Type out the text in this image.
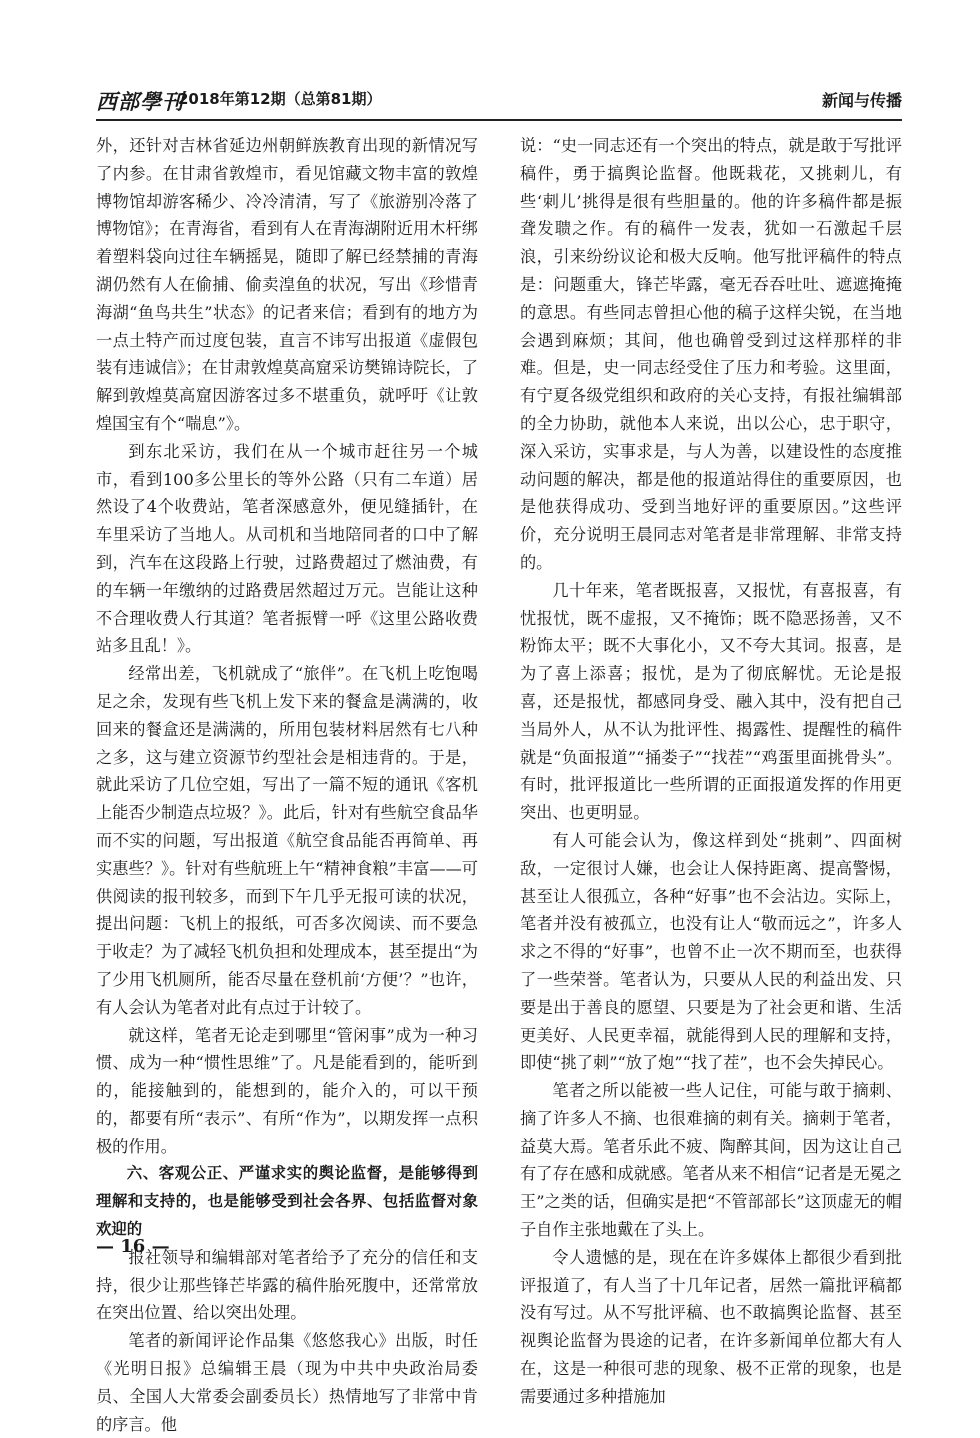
西部學刊
2018年第12期（总第81期）	新闻与传播

外，还针对吉林省延边州朝鲜族教育出现的新情况写了内参。在甘肃省敦煌市，看见馆藏文物丰富的敦煌博物馆却游客稀少、冷冷清清，写了《旅游别冷落了博物馆》；在青海省，看到有人在青海湖附近用木杆绑着塑料袋向过往车辆摇晃，随即了解已经禁捕的青海湖仍然有人在偷捕、偷卖湟鱼的状况，写出《珍惜青海湖“鱼鸟共生”状态》的记者来信；看到有的地方为一点土特产而过度包装，直言不讳写出报道《虚假包装有违诚信》；在甘肃敦煌莫高窟采访樊锦诗院长，了解到敦煌莫高窟因游客过多不堪重负，就呼吁《让敦煌国宝有个“喘息”》。

到东北采访，我们在从一个城市赶往另一个城市，看到100多公里长的等外公路（只有二车道）居然设了4个收费站，笔者深感意外，便见缝插针，在车里采访了当地人。从司机和当地陪同者的口中了解到，汽车在这段路上行驶，过路费超过了燃油费，有的车辆一年缴纳的过路费居然超过万元。岂能让这种不合理收费人行其道？笔者振臂一呼《这里公路收费站多且乱！》。

经常出差，飞机就成了“旅伴”。在飞机上吃饱喝足之余，发现有些飞机上发下来的餐盒是满满的，收回来的餐盒还是满满的，所用包装材料居然有七八种之多，这与建立资源节约型社会是相违背的。于是，就此采访了几位空姐，写出了一篇不短的通讯《客机上能否少制造点垃圾？》。此后，针对有些航空食品华而不实的问题，写出报道《航空食品能否再简单、再实惠些？》。针对有些航班上午“精神食粮”丰富——可供阅读的报刊较多，而到下午几乎无报可读的状况，提出问题：飞机上的报纸，可否多次阅读、而不要急于收走？为了减轻飞机负担和处理成本，甚至提出“为了少用飞机厕所，能否尽量在登机前‘方便’？”也许，有人会认为笔者对此有点过于计较了。

就这样，笔者无论走到哪里“管闲事”成为一种习惯、成为一种“惯性思维”了。凡是能看到的，能听到的，能接触到的，能想到的，能介入的，可以干预的，都要有所“表示”、有所“作为”，以期发挥一点积极的作用。

六、客观公正、严谨求实的舆论监督，是能够得到理解和支持的，也是能够受到社会各界、包括监督对象欢迎的

报社领导和编辑部对笔者给予了充分的信任和支持，很少让那些锋芒毕露的稿件胎死腹中，还常常放在突出位置、给以突出处理。

笔者的新闻评论作品集《悠悠我心》出版，时任《光明日报》总编辑王晨（现为中共中央政治局委员、全国人大常委会副委员长）热情地写了非常中肯的序言。他

说：“史一同志还有一个突出的特点，就是敢于写批评稿件，勇于搞舆论监督。他既栽花，又挑刺儿，有些‘刺儿’挑得是很有些胆量的。他的许多稿件都是振聋发聩之作。有的稿件一发表，犹如一石激起千层浪，引来纷纷议论和极大反响。他写批评稿件的特点是：问题重大，锋芒毕露，毫无吞吞吐吐、遮遮掩掩的意思。有些同志曾担心他的稿子这样尖锐，在当地会遇到麻烦；其间，他也确曾受到过这样那样的非难。但是，史一同志经受住了压力和考验。这里面，有宁夏各级党组织和政府的关心支持，有报社编辑部的全力协助，就他本人来说，出以公心，忠于职守，深入采访，实事求是，与人为善，以建设性的态度推动问题的解决，都是他的报道站得住的重要原因，也是他获得成功、受到当地好评的重要原因。”这些评价，充分说明王晨同志对笔者是非常理解、非常支持的。

几十年来，笔者既报喜，又报忧，有喜报喜，有忧报忧，既不虚报，又不掩饰；既不隐恶扬善，又不粉饰太平；既不大事化小，又不夸大其词。报喜，是为了喜上添喜；报忧，是为了彻底解忧。无论是报喜，还是报忧，都感同身受、融入其中，没有把自己当局外人，从不认为批评性、揭露性、提醒性的稿件就是“负面报道”“捅娄子”“找茬”“鸡蛋里面挑骨头”。有时，批评报道比一些所谓的正面报道发挥的作用更突出、也更明显。

有人可能会认为，像这样到处“挑刺”、四面树敌，一定很讨人嫌，也会让人保持距离、提高警惕，甚至让人很孤立，各种“好事”也不会沾边。实际上，笔者并没有被孤立，也没有让人“敬而远之”，许多人求之不得的“好事”，也曾不止一次不期而至，也获得了一些荣誉。笔者认为，只要从人民的利益出发、只要是出于善良的愿望、只要是为了社会更和谐、生活更美好、人民更幸福，就能得到人民的理解和支持，即使“挑了刺”“放了炮”“找了茬”，也不会失掉民心。

笔者之所以能被一些人记住，可能与敢于摘刺、摘了许多人不摘、也很难摘的刺有关。摘刺于笔者，益莫大焉。笔者乐此不疲、陶醉其间，因为这让自己有了存在感和成就感。笔者从来不相信“记者是无冕之王”之类的话，但确实是把“不管部部长”这顶虚无的帽子自作主张地戴在了头上。

令人遗憾的是，现在在许多媒体上都很少看到批评报道了，有人当了十几年记者，居然一篇批评稿都没有写过。从不写批评稿、也不敢搞舆论监督、甚至视舆论监督为畏途的记者，在许多新闻单位都大有人在，这是一种很可悲的现象、极不正常的现象，也是需要通过多种措施加

— 16 —
